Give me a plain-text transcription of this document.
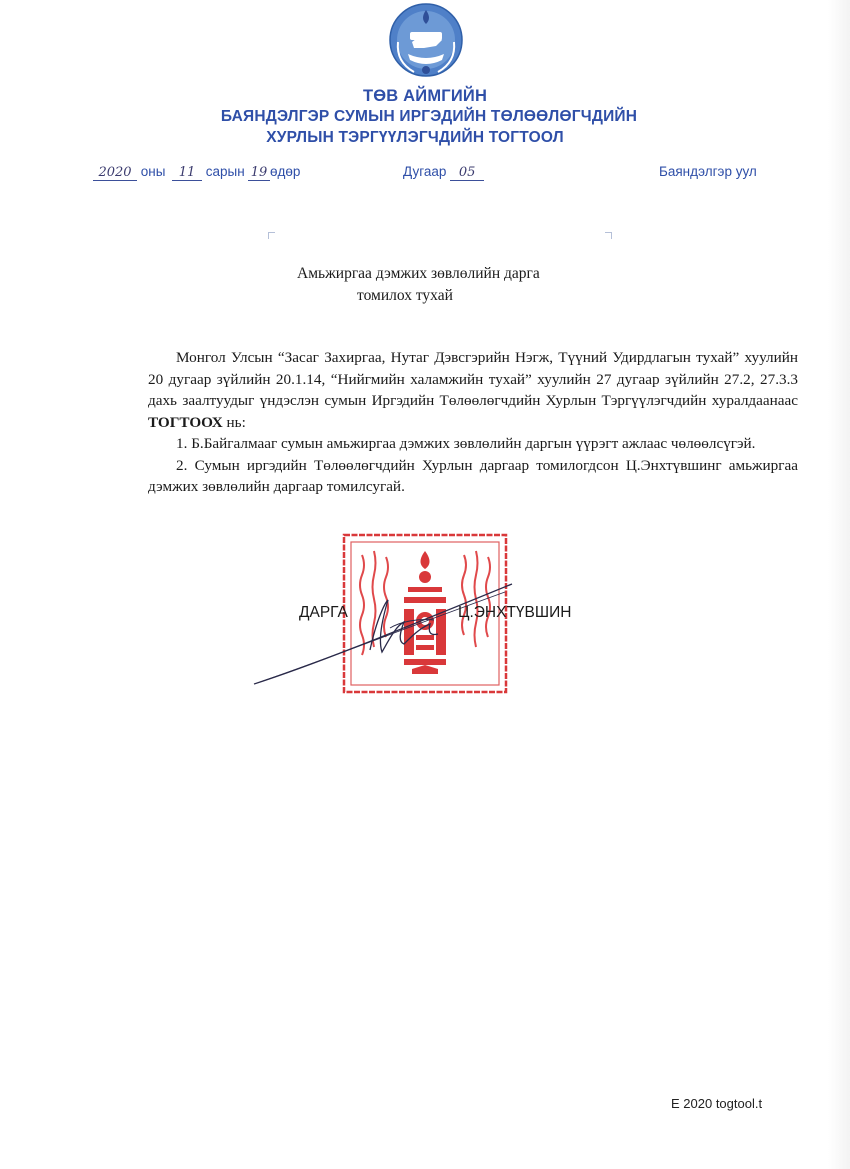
ТӨВ АЙМГИЙН
БАЯНДЭЛГЭР СУМЫН ИРГЭДИЙН ТӨЛӨӨЛӨГЧДИЙН
ХУРЛЫН ТЭРГҮҮЛЭГЧДИЙН ТОГТООЛ
2020 оны	11 сарын 19 өдөр	Дугаар 05	Баяндэлгэр уул
Амьжиргаа дэмжих зөвлөлийн дарга
томилох тухай

Монгол Улсын “Засаг Захиргаа, Нутаг Дэвсгэрийн Нэгж, Түүний Удирдлагын тухай” хуулийн 20 дугаар зүйлийн 20.1.14, “Нийгмийн халамжийн тухай” хуулийн 27 дугаар зүйлийн 27.2, 27.3.3 дахь заалтуудыг үндэслэн сумын Иргэдийн Төлөөлөгчдийн Хурлын Тэргүүлэгчдийн хуралдаанаас ТОГТООХ нь:

1. Б.Байгалмааг сумын амьжиргаа дэмжих зөвлөлийн даргын үүрэгт ажлаас чөлөөлсүгэй.

2. Сумын иргэдийн Төлөөлөгчдийн Хурлын даргаар томилогдсон Ц.Энхтүвшинг амьжиргаа дэмжих зөвлөлийн даргаар томилсугай.

ДАРГА	Ц.ЭНХТҮВШИН
E 2020 togtool.t
